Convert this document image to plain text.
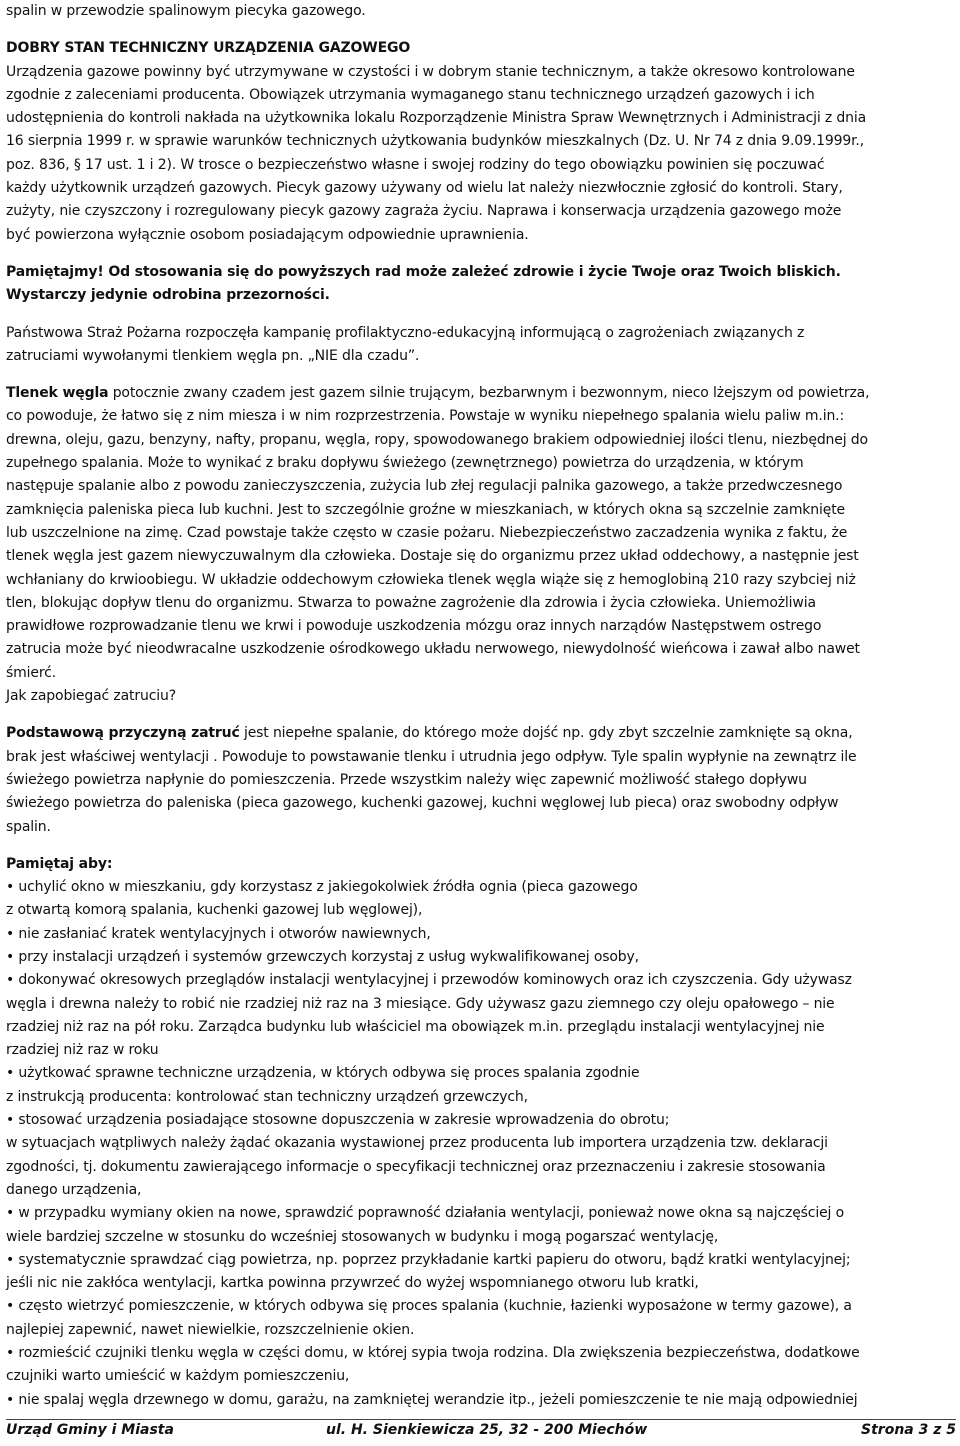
spalin w przewodzie spalinowym piecyka gazowego.
DOBRY STAN TECHNICZNY URZĄDZENIA GAZOWEGO
Urządzenia gazowe powinny być utrzymywane w czystości i w dobrym stanie technicznym, a także okresowo kontrolowane
zgodnie z zaleceniami producenta. Obowiązek utrzymania wymaganego stanu technicznego urządzeń gazowych i ich
udostępnienia do kontroli nakłada na użytkownika lokalu Rozporządzenie Ministra Spraw Wewnętrznych i Administracji z dnia
16 sierpnia 1999 r. w sprawie warunków technicznych użytkowania budynków mieszkalnych (Dz. U. Nr 74 z dnia 9.09.1999r.,
poz. 836, § 17 ust. 1 i 2). W trosce o bezpieczeństwo własne i swojej rodziny do tego obowiązku powinien się poczuwać
każdy użytkownik urządzeń gazowych. Piecyk gazowy używany od wielu lat należy niezwłocznie zgłosić do kontroli. Stary,
zużyty, nie czyszczony i rozregulowany piecyk gazowy zagraża życiu. Naprawa i konserwacja urządzenia gazowego może
być powierzona wyłącznie osobom posiadającym odpowiednie uprawnienia.
Pamiętajmy! Od stosowania się do powyższych rad może zależeć zdrowie i życie Twoje oraz Twoich bliskich.
Wystarczy jedynie odrobina przezorności.
Państwowa Straż Pożarna rozpoczęła kampanię profilaktyczno-edukacyjną informującą o zagrożeniach związanych z
zatruciami wywołanymi tlenkiem węgla pn. „NIE dla czadu”.
Tlenek węgla potocznie zwany czadem jest gazem silnie trującym, bezbarwnym i bezwonnym, nieco lżejszym od powietrza,
co powoduje, że łatwo się z nim miesza i w nim rozprzestrzenia. Powstaje w wyniku niepełnego spalania wielu paliw m.in.:
drewna, oleju, gazu, benzyny, nafty, propanu, węgla, ropy, spowodowanego brakiem odpowiedniej ilości tlenu, niezbędnej do
zupełnego spalania. Może to wynikać z braku dopływu świeżego (zewnętrznego) powietrza do urządzenia, w którym
następuje spalanie albo z powodu zanieczyszczenia, zużycia lub złej regulacji palnika gazowego, a także przedwczesnego
zamknięcia paleniska pieca lub kuchni. Jest to szczególnie groźne w mieszkaniach, w których okna są szczelnie zamknięte
lub uszczelnione na zimę. Czad powstaje także często w czasie pożaru. Niebezpieczeństwo zaczadzenia wynika z faktu, że
tlenek węgla jest gazem niewyczuwalnym dla człowieka. Dostaje się do organizmu przez układ oddechowy, a następnie jest
wchłaniany do krwioobiegu. W układzie oddechowym człowieka tlenek węgla wiąże się z hemoglobiną 210 razy szybciej niż
tlen, blokując dopływ tlenu do organizmu. Stwarza to poważne zagrożenie dla zdrowia i życia człowieka. Uniemożliwia
prawidłowe rozprowadzanie tlenu we krwi i powoduje uszkodzenia mózgu oraz innych narządów Następstwem ostrego
zatrucia może być nieodwracalne uszkodzenie ośrodkowego układu nerwowego, niewydolność wieńcowa i zawał albo nawet
śmierć.
Jak zapobiegać zatruciu?
Podstawową przyczyną zatruć jest niepełne spalanie, do którego może dojść np. gdy zbyt szczelnie zamknięte są okna,
brak jest właściwej wentylacji . Powoduje to powstawanie tlenku i utrudnia jego odpływ. Tyle spalin wypłynie na zewnątrz ile
świeżego powietrza napłynie do pomieszczenia. Przede wszystkim należy więc zapewnić możliwość stałego dopływu
świeżego powietrza do paleniska (pieca gazowego, kuchenki gazowej, kuchni węglowej lub pieca) oraz swobodny odpływ
spalin.
Pamiętaj aby:
• uchylić okno w mieszkaniu, gdy korzystasz z jakiegokolwiek źródła ognia (pieca gazowego
z otwartą komorą spalania, kuchenki gazowej lub węglowej),
• nie zasłaniać kratek wentylacyjnych i otworów nawiewnych,
• przy instalacji urządzeń i systemów grzewczych korzystaj z usług wykwalifikowanej osoby,
• dokonywać okresowych przeglądów instalacji wentylacyjnej i przewodów kominowych oraz ich czyszczenia. Gdy używasz
węgla i drewna należy to robić nie rzadziej niż raz na 3 miesiące. Gdy używasz gazu ziemnego czy oleju opałowego – nie
rzadziej niż raz na pół roku. Zarządca budynku lub właściciel ma obowiązek m.in. przeglądu instalacji wentylacyjnej nie
rzadziej niż raz w roku
• użytkować sprawne techniczne urządzenia, w których odbywa się proces spalania zgodnie
z instrukcją producenta: kontrolować stan techniczny urządzeń grzewczych,
• stosować urządzenia posiadające stosowne dopuszczenia w zakresie wprowadzenia do obrotu;
w sytuacjach wątpliwych należy żądać okazania wystawionej przez producenta lub importera urządzenia tzw. deklaracji
zgodności, tj. dokumentu zawierającego informacje o specyfikacji technicznej oraz przeznaczeniu i zakresie stosowania
danego urządzenia,
• w przypadku wymiany okien na nowe, sprawdzić poprawność działania wentylacji, ponieważ nowe okna są najczęściej o
wiele bardziej szczelne w stosunku do wcześniej stosowanych w budynku i mogą pogarszać wentylację,
• systematycznie sprawdzać ciąg powietrza, np. poprzez przykładanie kartki papieru do otworu, bądź kratki wentylacyjnej;
jeśli nic nie zakłóca wentylacji, kartka powinna przywrzeć do wyżej wspomnianego otworu lub kratki,
• często wietrzyć pomieszczenie, w których odbywa się proces spalania (kuchnie, łazienki wyposażone w termy gazowe), a
najlepiej zapewnić, nawet niewielkie, rozszczelnienie okien.
• rozmieścić czujniki tlenku węgla w części domu, w której sypia twoja rodzina. Dla zwiększenia bezpieczeństwa, dodatkowe
czujniki warto umieścić w każdym pomieszczeniu,
• nie spalaj węgla drzewnego w domu, garażu, na zamkniętej werandzie itp., jeżeli pomieszczenie te nie mają odpowiedniej
Urząd Gminy i Miasta	ul. H. Sienkiewicza 25, 32 - 200 Miechów	Strona 3 z 5
